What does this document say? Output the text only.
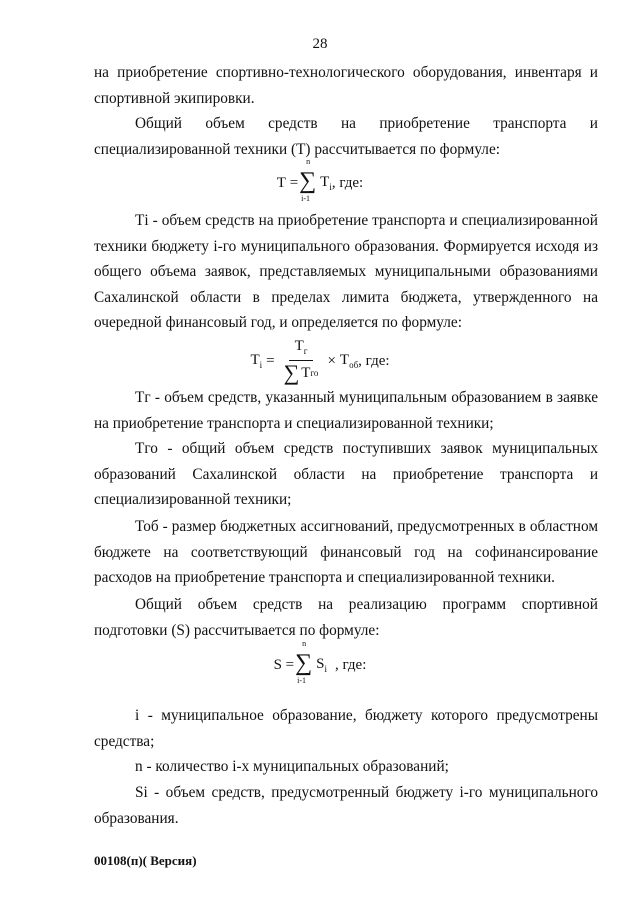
28

на приобретение спортивно-технологического оборудования, инвентаря и спортивной экипировки.

Общий объем средств на приобретение транспорта и специализированной техники (Т) рассчитывается по формуле:

Т =
n
∑
i-1
$Т_i$ , где:

Тi - объем средств на приобретение транспорта и специализированной техники бюджету i-го муниципального образования. Формируется исходя из общего объема заявок, представляемых муниципальными образованиями Сахалинской области в пределах лимита бюджета, утвержденного на очередной финансовый год, и определяется по формуле:

$Т_i = \frac{Т_г}{\text{∑ Т го}} \times Т_{об}$ , где:

Тг - объем средств, указанный муниципальным образованием в заявке на приобретение транспорта и специализированной техники;

Тго - общий объем средств поступивших заявок муниципальных образований Сахалинской области на приобретение транспорта и специализированной техники;

Тоб - размер бюджетных ассигнований, предусмотренных в областном бюджете на соответствующий финансовый год на софинансирование расходов на приобретение транспорта и специализированной техники.

Общий объем средств на реализацию программ спортивной подготовки (S) рассчитывается по формуле:

S =
n
∑
i-1
$S_i$ , где:

i - муниципальное образование, бюджету которого предусмотрены средства;

n - количество i-х муниципальных образований;

Si - объем средств, предусмотренный бюджету i-го муниципального образования.

00108(п)( Версия)
